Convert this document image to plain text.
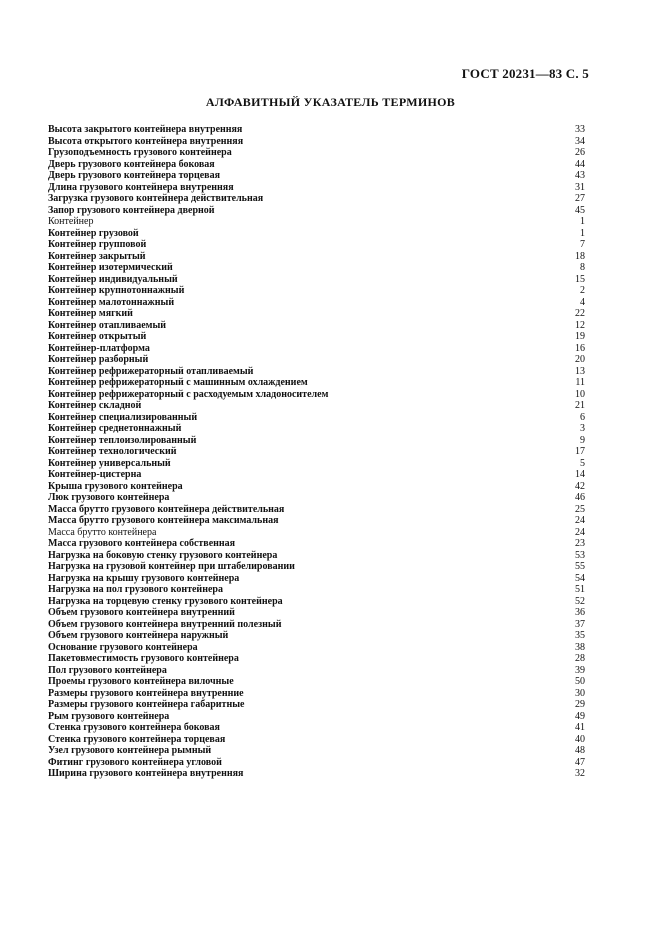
ГОСТ 20231—83 С. 5
АЛФАВИТНЫЙ УКАЗАТЕЛЬ ТЕРМИНОВ
Высота закрытого контейнера внутренняя	33
Высота открытого контейнера внутренняя	34
Грузоподъемность грузового контейнера	26
Дверь грузового контейнера боковая	44
Дверь грузового контейнера торцевая	43
Длина грузового контейнера внутренняя	31
Загрузка грузового контейнера действительная	27
Запор грузового контейнера дверной	45
Контейнер	1
Контейнер грузовой	1
Контейнер групповой	7
Контейнер закрытый	18
Контейнер изотермический	8
Контейнер индивидуальный	15
Контейнер крупнотоннажный	2
Контейнер малотоннажный	4
Контейнер мягкий	22
Контейнер отапливаемый	12
Контейнер открытый	19
Контейнер-платформа	16
Контейнер разборный	20
Контейнер рефрижераторный отапливаемый	13
Контейнер рефрижераторный с машинным охлаждением	11
Контейнер рефрижераторный с расходуемым хладоносителем	10
Контейнер складной	21
Контейнер специализированный	6
Контейнер среднетоннажный	3
Контейнер теплоизолированный	9
Контейнер технологический	17
Контейнер универсальный	5
Контейнер-цистерна	14
Крыша грузового контейнера	42
Люк грузового контейнера	46
Масса брутто грузового контейнера действительная	25
Масса брутто грузового контейнера максимальная	24
Масса брутто контейнера	24
Масса грузового контейнера собственная	23
Нагрузка на боковую стенку грузового контейнера	53
Нагрузка на грузовой контейнер при штабелировании	55
Нагрузка на крышу грузового контейнера	54
Нагрузка на пол грузового контейнера	51
Нагрузка на торцевую стенку грузового контейнера	52
Объем грузового контейнера внутренний	36
Объем грузового контейнера внутренний полезный	37
Объем грузового контейнера наружный	35
Основание грузового контейнера	38
Пакетовместимость грузового контейнера	28
Пол грузового контейнера	39
Проемы грузового контейнера вилочные	50
Размеры грузового контейнера внутренние	30
Размеры грузового контейнера габаритные	29
Рым грузового контейнера	49
Стенка грузового контейнера боковая	41
Стенка грузового контейнера торцевая	40
Узел грузового контейнера рымный	48
Фитинг грузового контейнера угловой	47
Ширина грузового контейнера внутренняя	32
